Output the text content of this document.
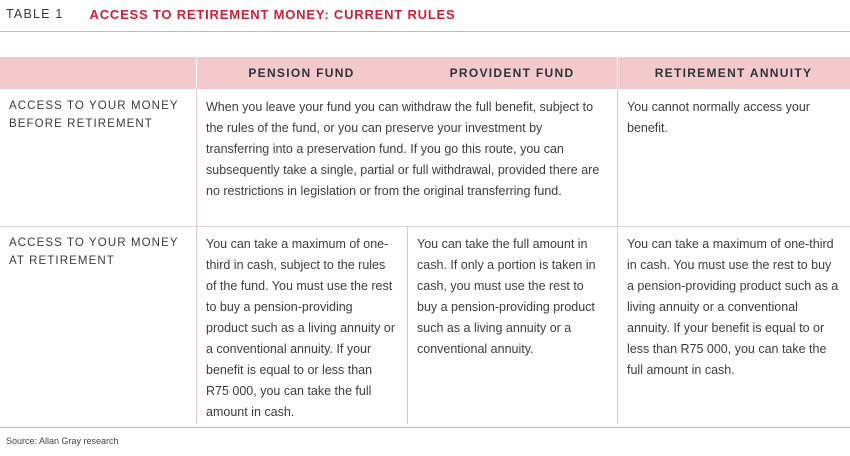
TABLE 1 ACCESS TO RETIREMENT MONEY: CURRENT RULES
PENSION FUND	PROVIDENT FUND	RETIREMENT ANNUITY
ACCESS TO YOUR MONEY
BEFORE RETIREMENT
When you leave your fund you can withdraw the full benefit, subject to the rules of the fund, or you can preserve your investment by transferring into a preservation fund. If you go this route, you can subsequently take a single, partial or full withdrawal, provided there are no restrictions in legislation or from the original transferring fund.
You cannot normally access your benefit.
ACCESS TO YOUR MONEY
AT RETIREMENT
You can take a maximum of one-third in cash, subject to the rules of the fund. You must use the rest to buy a pension-providing product such as a living annuity or a conventional annuity. If your benefit is equal to or less than R75 000, you can take the full amount in cash.
You can take the full amount in cash. If only a portion is taken in cash, you must use the rest to buy a pension-providing product such as a living annuity or a conventional annuity.
You can take a maximum of one-third in cash. You must use the rest to buy a pension-providing product such as a living annuity or a conventional annuity. If your benefit is equal to or less than R75 000, you can take the full amount in cash.
Source: Allan Gray research
